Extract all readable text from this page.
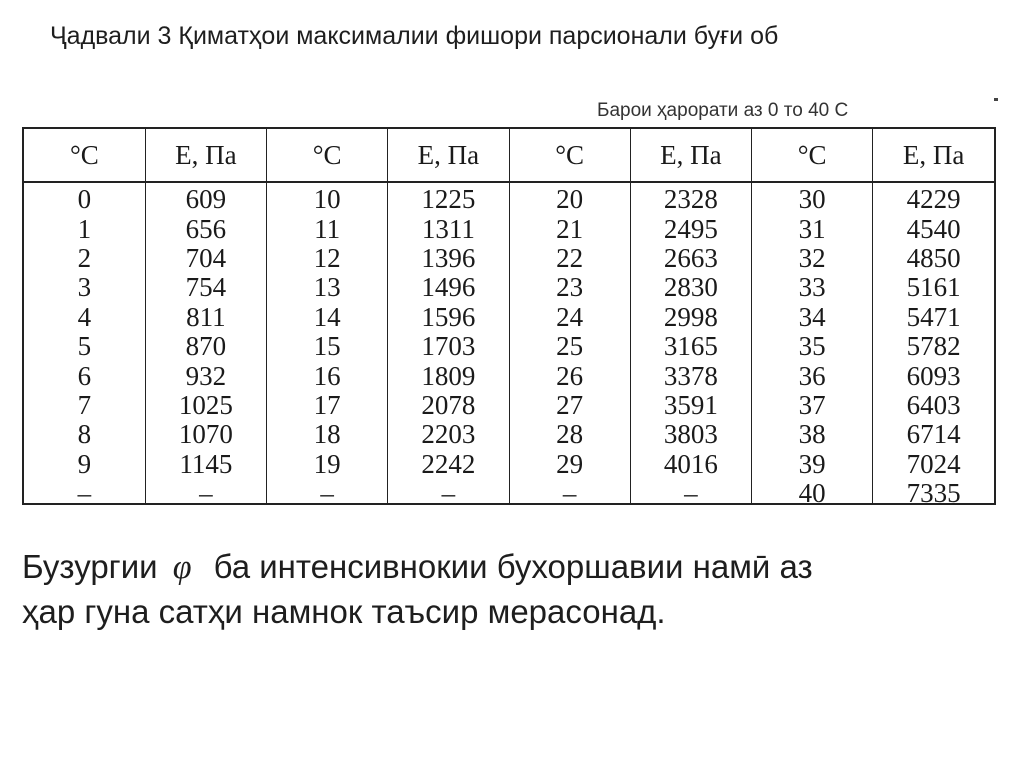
Ҷадвали 3 Қиматҳои максималии фишори парсионали буғи об
Барои ҳарорати аз 0 то 40 С
°С	Е, Па	°С	Е, Па	°С	Е, Па	°С	Е, Па
0	609	10	1225	20	2328	30	4229
1	656	11	1311	21	2495	31	4540
2	704	12	1396	22	2663	32	4850
3	754	13	1496	23	2830	33	5161
4	811	14	1596	24	2998	34	5471
5	870	15	1703	25	3165	35	5782
6	932	16	1809	26	3378	36	6093
7	1025	17	2078	27	3591	37	6403
8	1070	18	2203	28	3803	38	6714
9	1145	19	2242	29	4016	39	7024
–	–	–	–	–	–	40	7335
Бузургии φ ба интенсивнокии бухоршавии намӣ аз
ҳар гуна сатҳи намнок таъсир мерасонад.
